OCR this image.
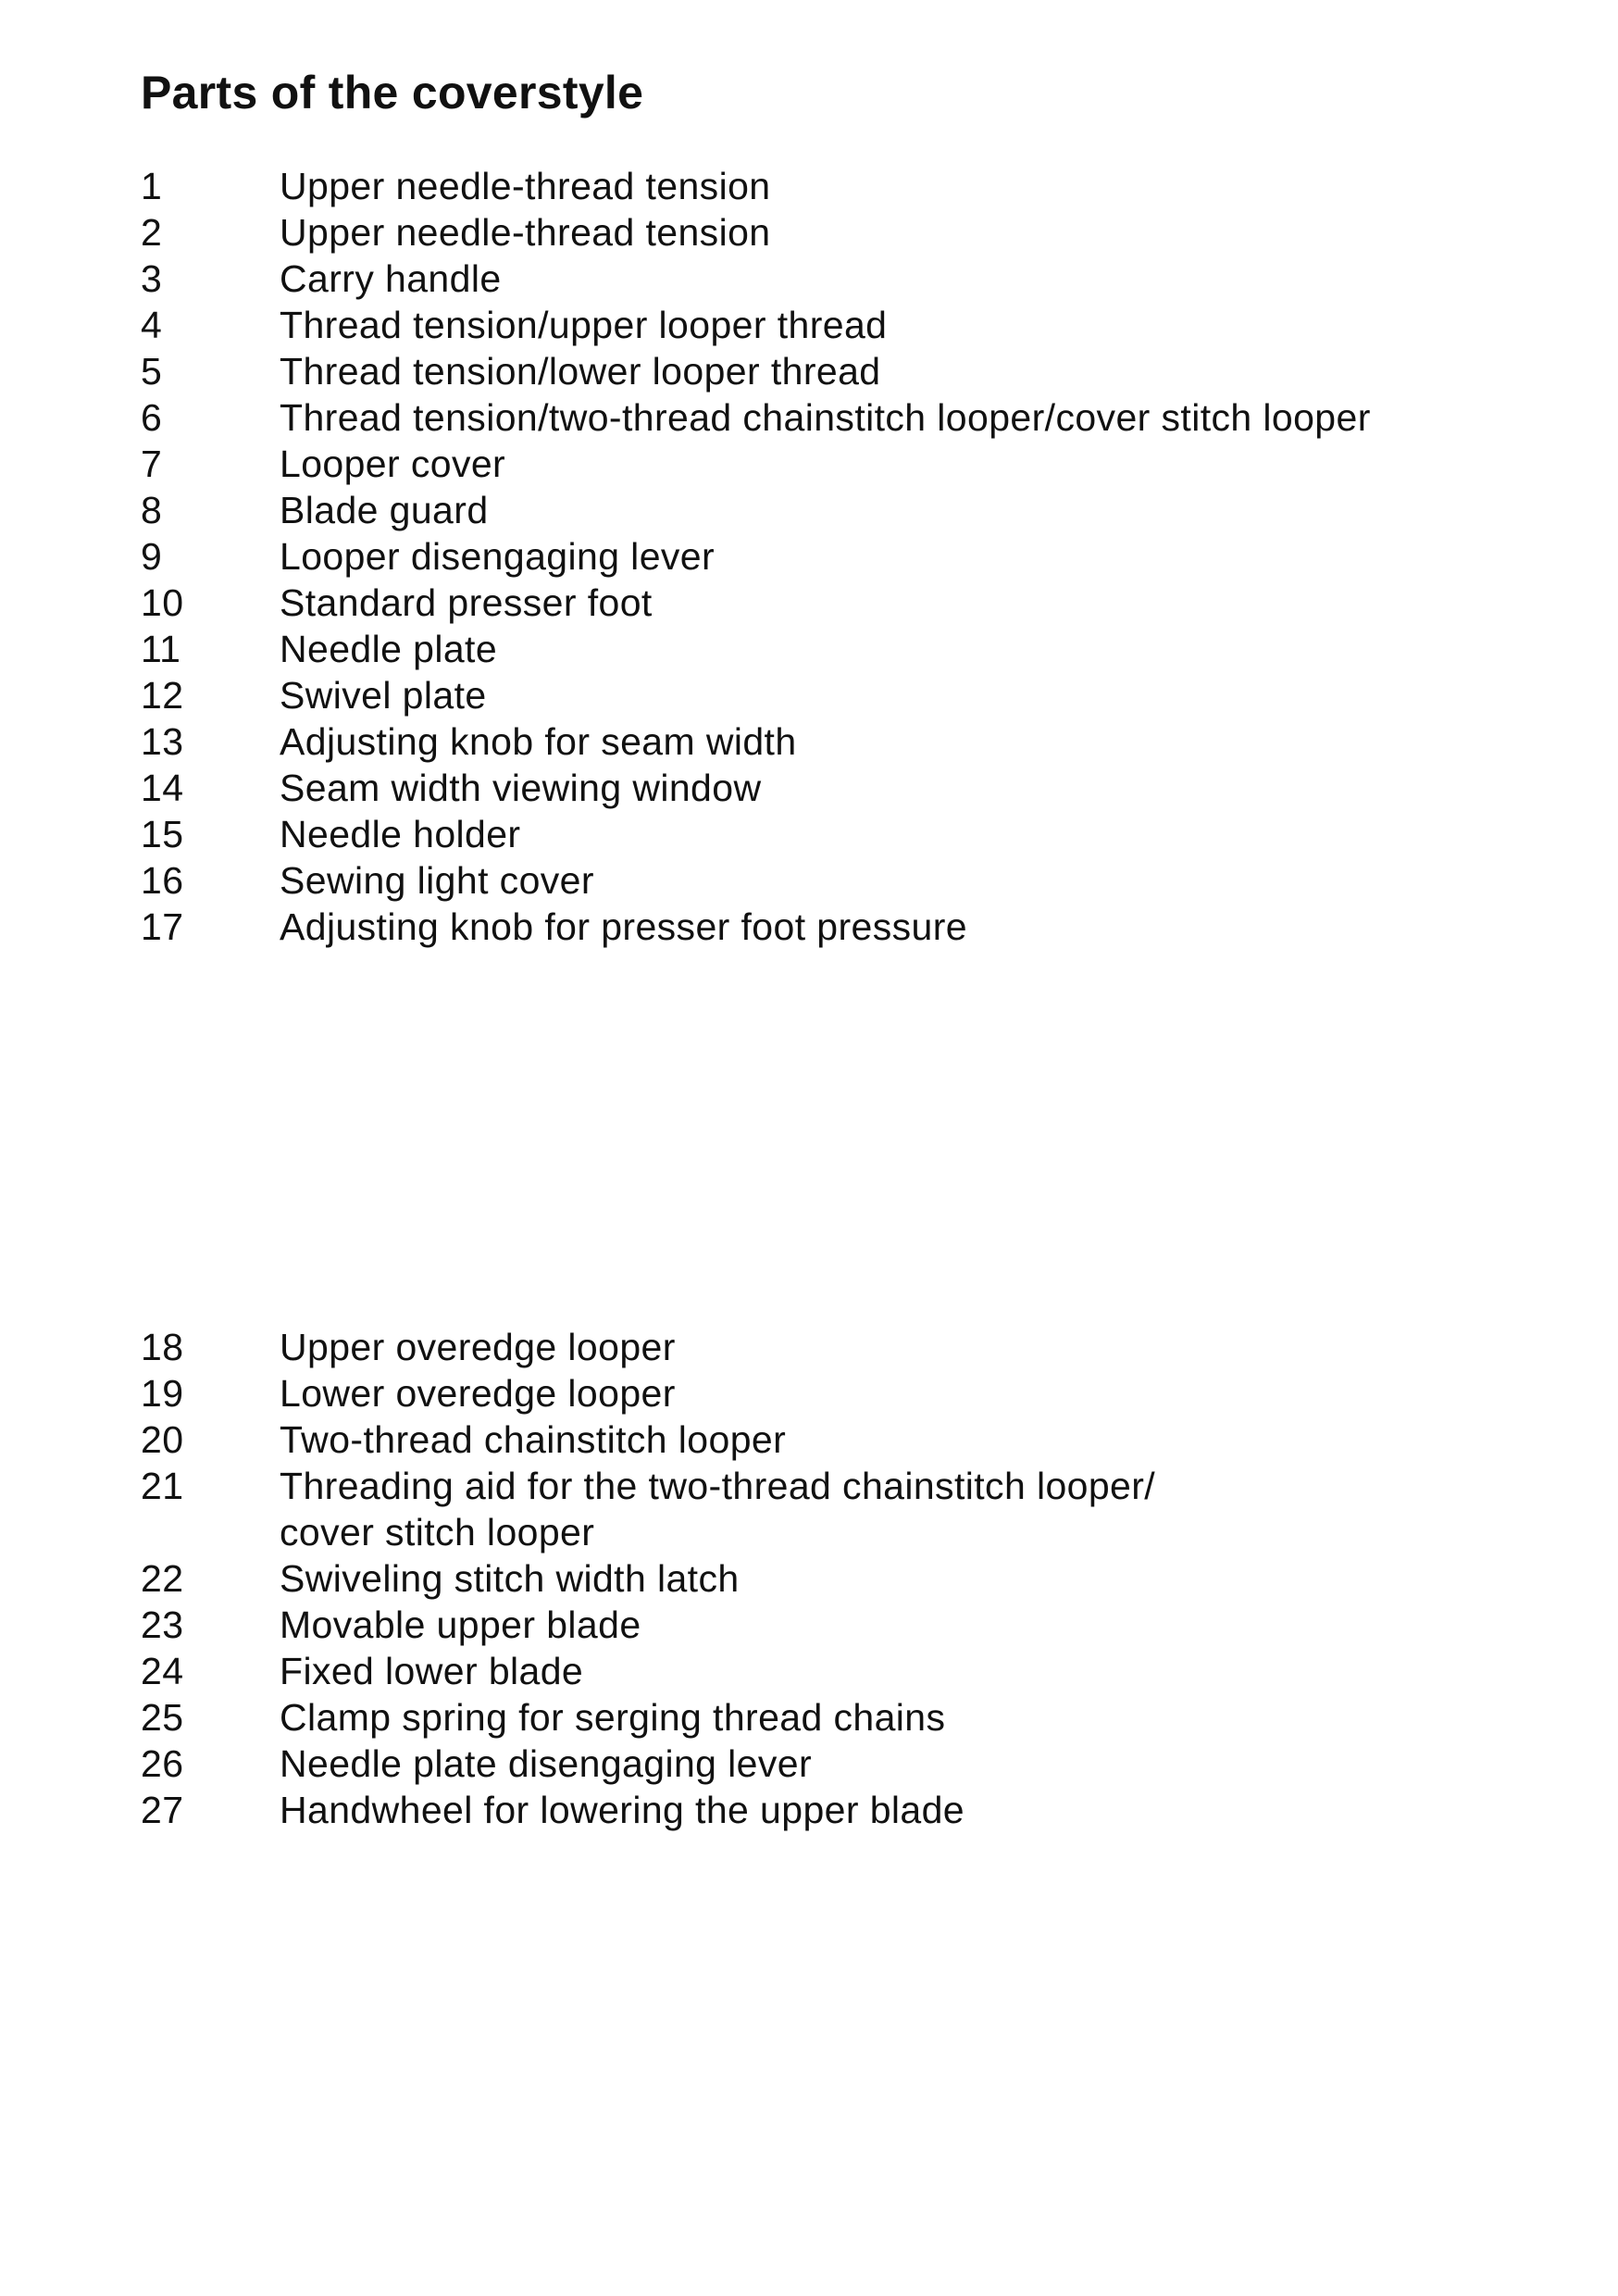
Parts of the coverstyle
1	Upper needle-thread tension
2	Upper needle-thread tension
3	Carry handle
4	Thread tension/upper looper thread
5	Thread tension/lower looper thread
6	Thread tension/two-thread chainstitch looper/cover stitch looper
7	Looper cover
8	Blade guard
9	Looper disengaging lever
10	Standard presser foot
11	Needle plate
12	Swivel plate
13	Adjusting knob for seam width
14	Seam width viewing window
15	Needle holder
16	Sewing light cover
17	Adjusting knob for presser foot pressure
18	Upper overedge looper
19	Lower overedge looper
20	Two-thread chainstitch looper
21	Threading aid for the two-thread chainstitch looper/
cover stitch looper
22	Swiveling stitch width latch
23	Movable upper blade
24	Fixed lower blade
25	Clamp spring for serging thread chains
26	Needle plate disengaging lever
27	Handwheel for lowering the upper blade
